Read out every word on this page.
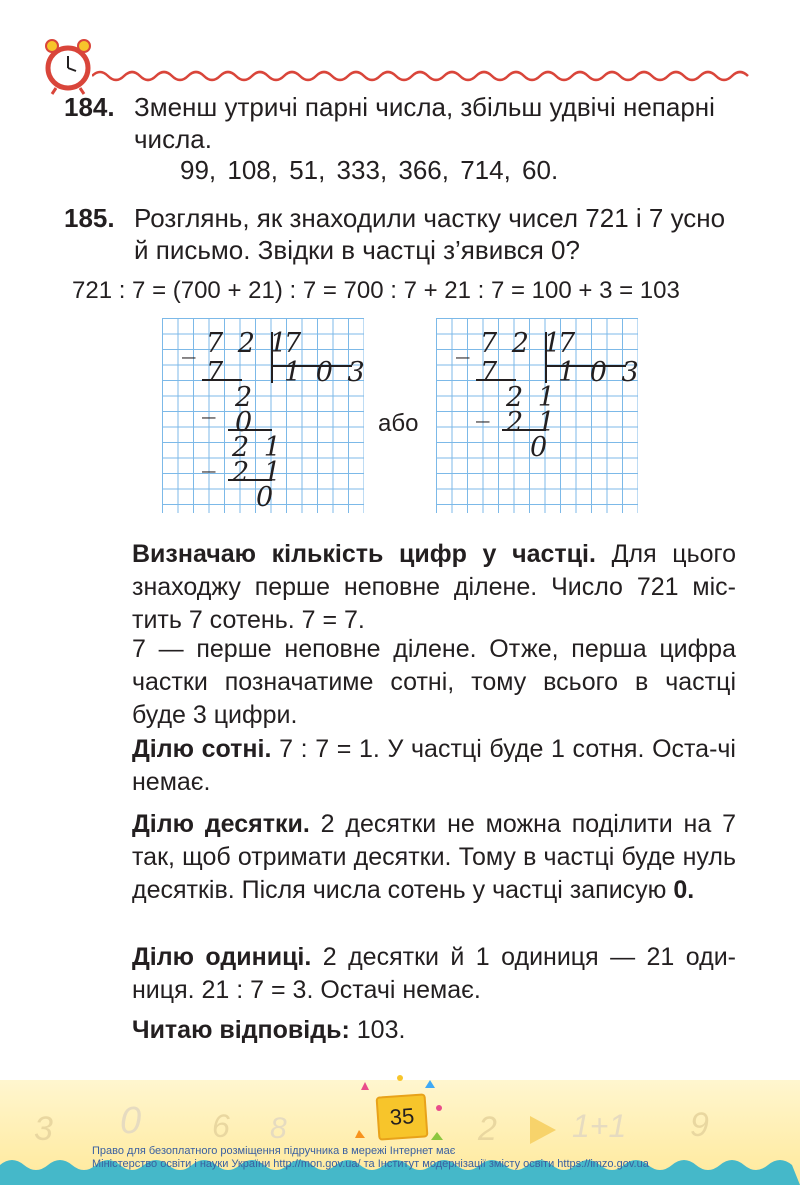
184. Зменш утричі парні числа, збільш удвічі непарні
числа.
99, 108, 51, 333, 366, 714, 60.
185. Розглянь, як знаходили частку чисел 721 і 7 усно
й письмо. Звідки в частці з’явився 0?
721 : 7 = (700 + 21) : 7 = 700 : 7 + 21 : 7 = 100 + 3 = 103
_ 7 2 1
7
7 1 0 3
_ 2
0
_ 2 1
2 1
0
або
_ 7 2 1
7
7 1 0 3
_ 2 1
2 1
0
Визначаю кількість цифр у частці. Для цього знаходжу перше неповне ділене. Число 721 міс-тить 7 сотень. 7 = 7.
7 — перше неповне ділене. Отже, перша цифра частки позначатиме сотні, тому всього в частці буде 3 цифри.
Ділю сотні. 7 : 7 = 1. У частці буде 1 сотня. Оста-чі немає.
Ділю десятки. 2 десятки не можна поділити на 7 так, щоб отримати десятки. Тому в частці буде нуль десятків. Після числа сотень у частці записую 0.
Ділю одиниці. 2 десятки й 1 одиниця — 21 оди-ниця. 21 : 7 = 3. Остачі немає.
Читаю відповідь: 103.
3 0 6 8	2 1+1 9
35
Право для безоплатного розміщення підручника в мережі Інтернет має
Міністерство освіти і науки України http://mon.gov.ua/ та Інститут модернізації змісту освіти https://imzo.gov.ua
